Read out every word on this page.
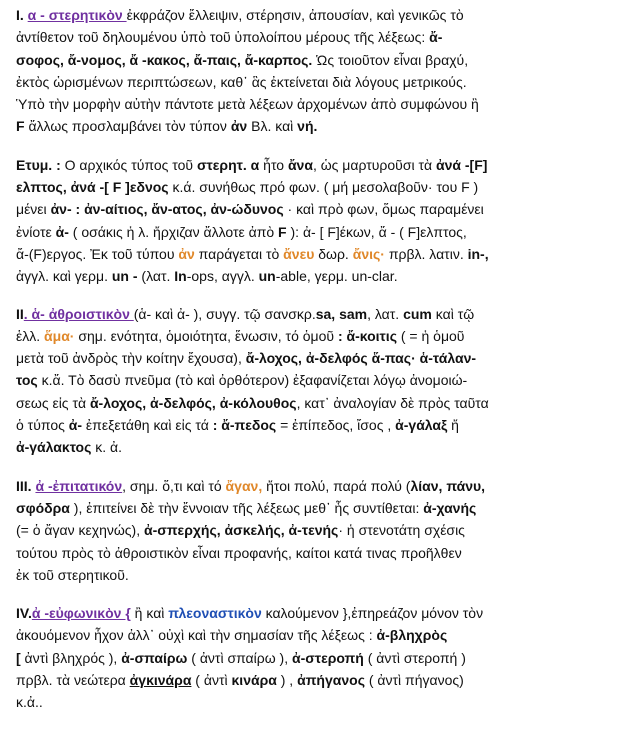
I. α - στερητικὸν ἐκφράζον ἔλλειψιν, στέρησιν, ἀπουσίαν, καὶ γενικῶς τὸ
ἀντίθετον τοῦ δηλουμένου ὑπὸ τοῦ ὑπολοίπου μέρους τῆς λέξεως: ἄ-
σοφος, ἄ-νομος, ἄ -κακος, ἄ-παις, ἄ-καρπος. Ὡς τοιοῦτον εἶναι βραχύ,
ἐκτὸς ὡρισμένων περιπτώσεων, καθ᾽ ἃς ἐκτείνεται διὰ λόγους μετρικούς.
Ὑπὸ τὴν μορφὴν αὐτὴν πάντοτε μετὰ λέξεων ἀρχομένων ἀπὸ συμφώνου ἢ
F ἄλλως προσλαμβάνει τὸν τύπον ἀν Βλ. καὶ νή.

Ετυμ. : Ο αρχικός τύπος τοῦ στερητ. α ἦτο ἄνα, ὡς μαρτυροῦσι τὰ ἀνά -[F]
ελπτος, ἀνά -[ F ]εδνος κ.ά. συνήθως πρό φων. ( μή μεσολαβοῦν· του F )
μένει ἀν- : ἀν-αίτιος, ἄν-ατος, ἀν-ώδυνος · καὶ πρὸ φων, ὅμως παραμένει
ἐνίοτε ἀ- ( οσάκις ἡ λ. ἤρχιζαν ἄλλοτε ἀπὸ F ): ἀ- [ F]έκων, ἄ - ( F]ελπτος,
ἄ-(F)εργος. Ἐκ τοῦ τύπου ἀν παράγεται τὸ ἄνευ δωρ. ἄνις· πρβλ. λατιν. in-,
ἀγγλ. καὶ γερμ. un - (λατ. In-ops, αγγλ. un-able, γερμ. un-clar.

II. ἁ- ἀθροιστικὸν (ἁ- καὶ ἀ- ), συγγ. τῷ σανσκρ.sa, sam, λατ. cum καὶ τῷ
ἑλλ. ἅμα· σημ. ενότητα, ὁμοιότητα, ἕνωσιν, τό ὁμοῦ : ἄ-κοιτις ( = ἡ ὁμοῦ
μετὰ τοῦ ἀνδρὸς τὴν κοίτην ἔχουσα), ἄ-λοχος, ἀ-δελφός ἅ-πας· ἁ-τάλαν-
τος κ.ἄ. Τὸ δασὺ πνεῦμα (τὸ καὶ ὀρθότερον) ἐξαφανίζεται λόγῳ ἀνομοιώ-
σεως εἰς τὰ ἄ-λοχος, ἀ-δελφός, ἀ-κόλουθος, κατ᾽ ἀναλογίαν δὲ πρὸς ταῦτα
ὁ τύπος ἀ- ἐπεξετάθη καὶ εἰς τά : ἄ-πεδος = ἐπίπεδος, ἴσος , ἀ-γάλαξ ἤ
ἀ-γάλακτος κ. ἀ.

III. ἀ -ἐπιτατικόν, σημ. ὅ,τι καὶ τό ἄγαν, ἤτοι πολύ, παρά πολύ (λίαν, πάνυ,
σφόδρα ), ἐπιτείνει δὲ τὴν ἔννοιαν τῆς λέξεως μεθ᾽ ἧς συντίθεται: ἀ-χανής
(= ὁ ἄγαν κεχηνώς), ἀ-σπερχής, ἀσκελής, ἀ-τενής· ἡ στενοτάτη σχέσις
τούτου πρὸς τὸ ἀθροιστικὸν εἶναι προφανής, καίτοι κατά τινας προῆλθεν
ἐκ τοῦ στερητικοῦ.

IV.ἀ -εὐφωνικὸν { ἢ καὶ πλεοναστικὸν καλούμενον },ἐπηρεάζον μόνον τὸν
ἀκουόμενον ἦχον ἀλλ᾽ οὐχὶ καὶ τὴν σημασίαν τῆς λέξεως : ἀ-βληχρὸς
[ ἀντὶ βληχρός ), ἀ-σπαίρω ( ἀντὶ σπαίρω ), ἀ-στεροπή ( ἀντὶ στεροπή )
πρβλ. τὰ νεώτερα ἀγκινάρα ( ἀντὶ κινάρα ) , ἀπήγανος ( ἀντὶ πήγανος)
κ.ἀ..
